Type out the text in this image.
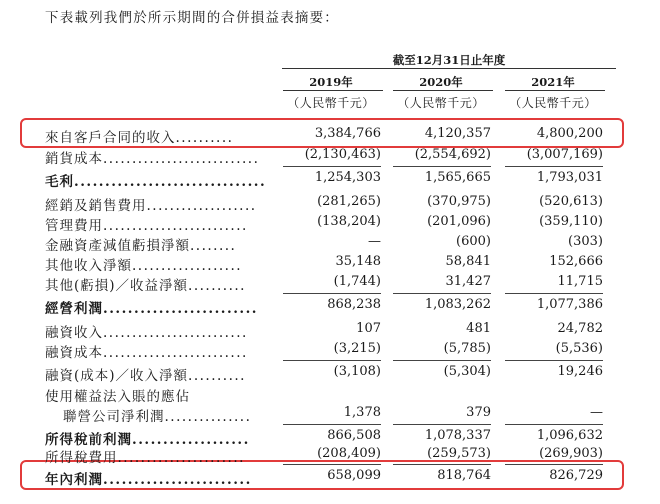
下表載列我們於所示期間的合併損益表摘要：
截至12月31日止年度
2019年	2020年	2021年
（人民幣千元）	（人民幣千元）	（人民幣千元）
來自客戶合同的收入..........	3,384,766	4,120,357	4,800,200
銷貨成本...........................	(2,130,463)	(2,554,692)	(3,007,169)
毛利...............................	1,254,303	1,565,665	1,793,031
經銷及銷售費用...................	(281,265)	(370,975)	(520,613)
管理費用.........................	(138,204)	(201,096)	(359,110)
金融資產減值虧損淨額........	—	(600)	(303)
其他收入淨額...................	35,148	58,841	152,666
其他(虧損)／收益淨額..........	(1,744)	31,427	11,715
經營利潤.........................	868,238	1,083,262	1,077,386
融資收入.........................	107	481	24,782
融資成本.........................	(3,215)	(5,785)	(5,536)
融資(成本)／收入淨額..........	(3,108)	(5,304)	19,246
使用權益法入賬的應佔
聯營公司淨利潤...............	1,378	379	—
所得稅前利潤...................	866,508	1,078,337	1,096,632
所得稅費用......................	(208,409)	(259,573)	(269,903)
年內利潤........................	658,099	818,764	826,729
